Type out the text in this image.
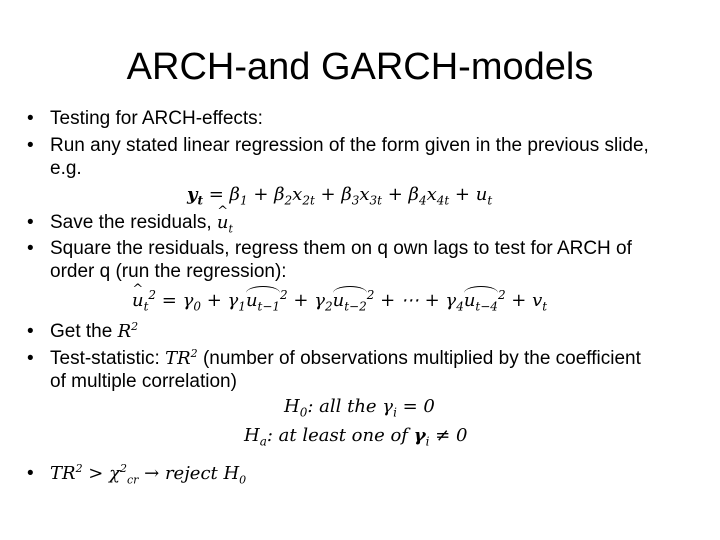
ARCH-and GARCH-models
• Testing for ARCH-effects:
• Run any stated linear regression of the form given in the previous slide,
e.g.
$y_t = \beta_1 + \beta_2x_{2t} + \beta_3x_{3t} + \beta_4x_{4t} + u_t$
• Save the residuals, ^ $u_t$
• Square the residuals, regress them on q own lags to test for ARCH of
order q (run the regression):
^ $u_t^2 = \gamma_0 + \gamma_1u_{t-1}^2 + \gamma_2u_{t-2}^2$ + ⋯ + $\gamma_4u_{t-4}^2 + v_t$
• Get the $R^2$
• Test-statistic: $TR^2$ (number of observations multiplied by the coefficient
of multiple correlation)
$H_0$: all the $\gamma_i = 0$
$H_a$: at least one of $\gamma_i \ne 0$
• $TR^2 > \chi^2_{cr}$ → reject $H_0$
